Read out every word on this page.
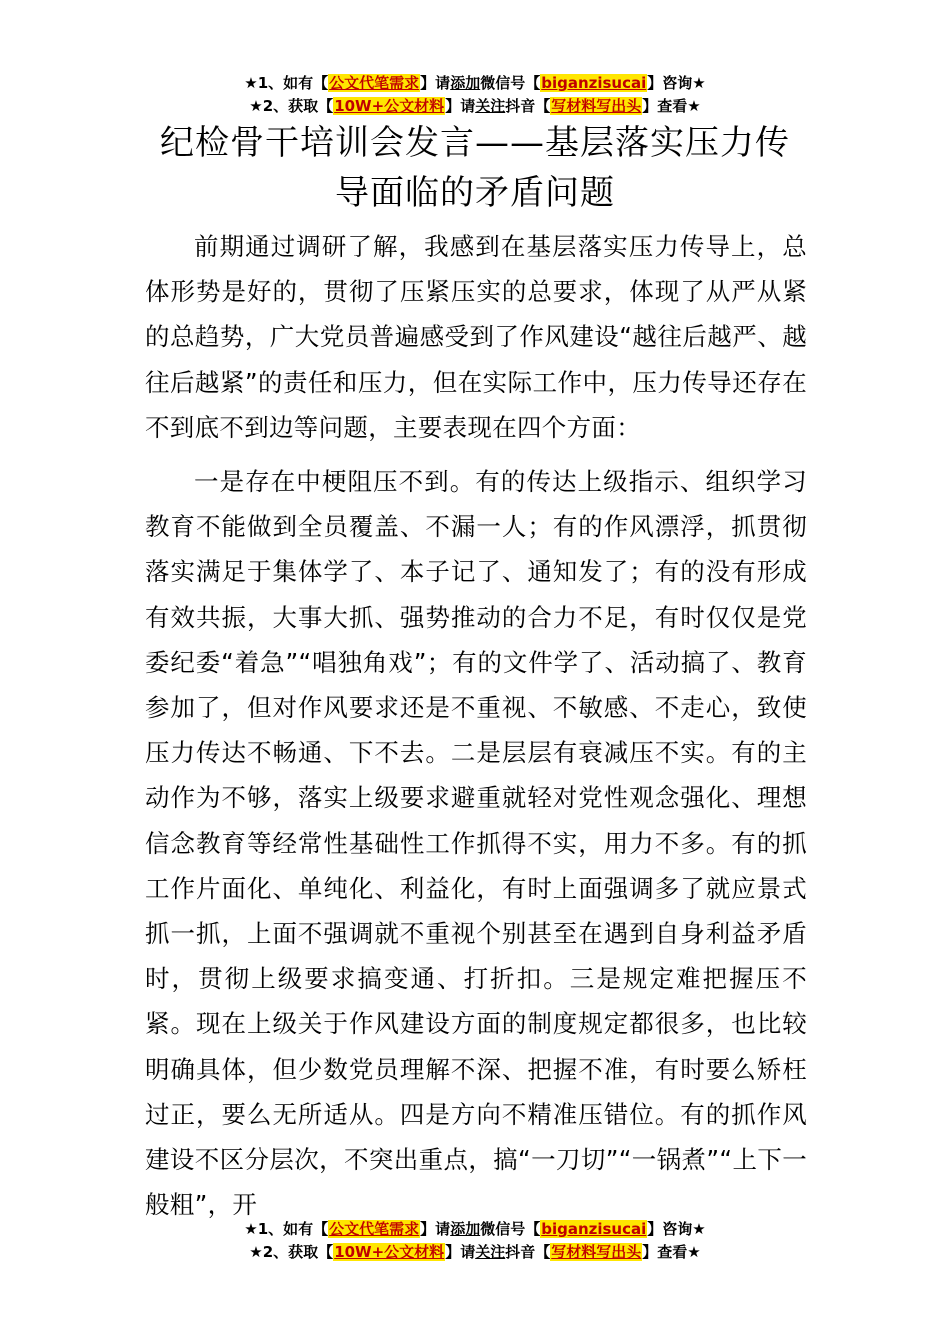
★1、如有【公文代笔需求】请添加微信号【biganzisucai】咨询★
★2、获取【10W+公文材料】请关注抖音【写材料写出头】查看★
纪检骨干培训会发言——基层落实压力传导面临的矛盾问题

前期通过调研了解，我感到在基层落实压力传导上，总体形势是好的，贯彻了压紧压实的总要求，体现了从严从紧的总趋势，广大党员普遍感受到了作风建设“越往后越严、越往后越紧”的责任和压力，但在实际工作中，压力传导还存在不到底不到边等问题，主要表现在四个方面：

一是存在中梗阻压不到。有的传达上级指示、组织学习教育不能做到全员覆盖、不漏一人；有的作风漂浮，抓贯彻落实满足于集体学了、本子记了、通知发了；有的没有形成有效共振，大事大抓、强势推动的合力不足，有时仅仅是党委纪委“着急”“唱独角戏”；有的文件学了、活动搞了、教育参加了，但对作风要求还是不重视、不敏感、不走心，致使压力传达不畅通、下不去。二是层层有衰减压不实。有的主动作为不够，落实上级要求避重就轻对党性观念强化、理想信念教育等经常性基础性工作抓得不实，用力不多。有的抓工作片面化、单纯化、利益化，有时上面强调多了就应景式抓一抓，上面不强调就不重视个别甚至在遇到自身利益矛盾时，贯彻上级要求搞变通、打折扣。三是规定难把握压不紧。现在上级关于作风建设方面的制度规定都很多，也比较明确具体，但少数党员理解不深、把握不准，有时要么矫枉过正，要么无所适从。四是方向不精准压错位。有的抓作风建设不区分层次，不突出重点，搞“一刀切”“一锅煮”“上下一般粗”，开

★1、如有【公文代笔需求】请添加微信号【biganzisucai】咨询★
★2、获取【10W+公文材料】请关注抖音【写材料写出头】查看★
